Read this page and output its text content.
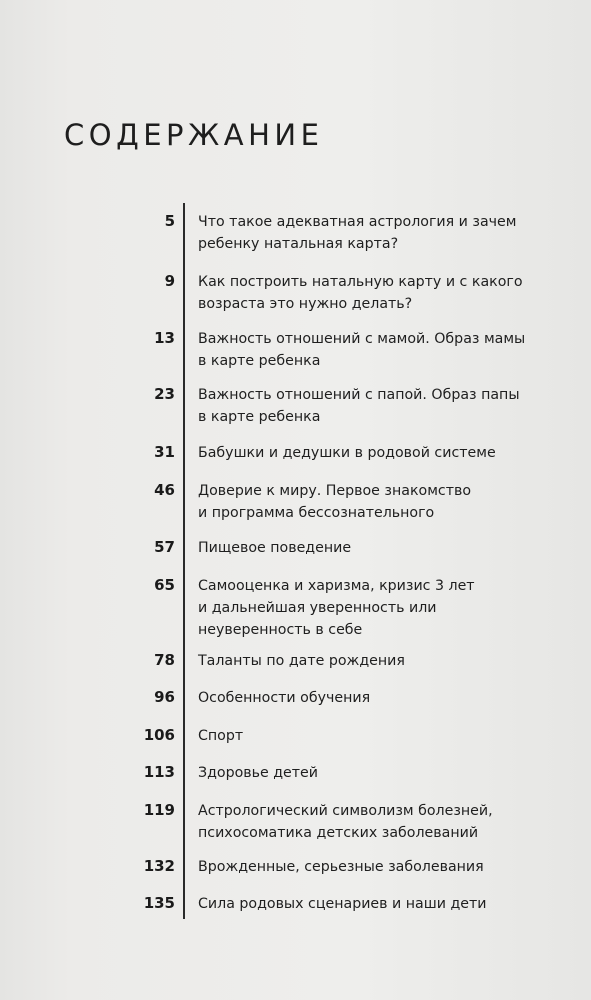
СОДЕРЖАНИЕ
5 Что такое адекватная астрология и зачем
ребенку натальная карта?
9 Как построить натальную карту и с какого
возраста это нужно делать?
13 Важность отношений с мамой. Образ мамы
в карте ребенка
23 Важность отношений с папой. Образ папы
в карте ребенка
31 Бабушки и дедушки в родовой системе
46 Доверие к миру. Первое знакомство
и программа бессознательного
57 Пищевое поведение
65 Самооценка и харизма, кризис 3 лет
и дальнейшая уверенность или
неуверенность в себе
78 Таланты по дате рождения
96 Особенности обучения
106 Спорт
113 Здоровье детей
119 Астрологический символизм болезней,
психосоматика детских заболеваний
132 Врожденные, серьезные заболевания
135 Сила родовых сценариев и наши дети
